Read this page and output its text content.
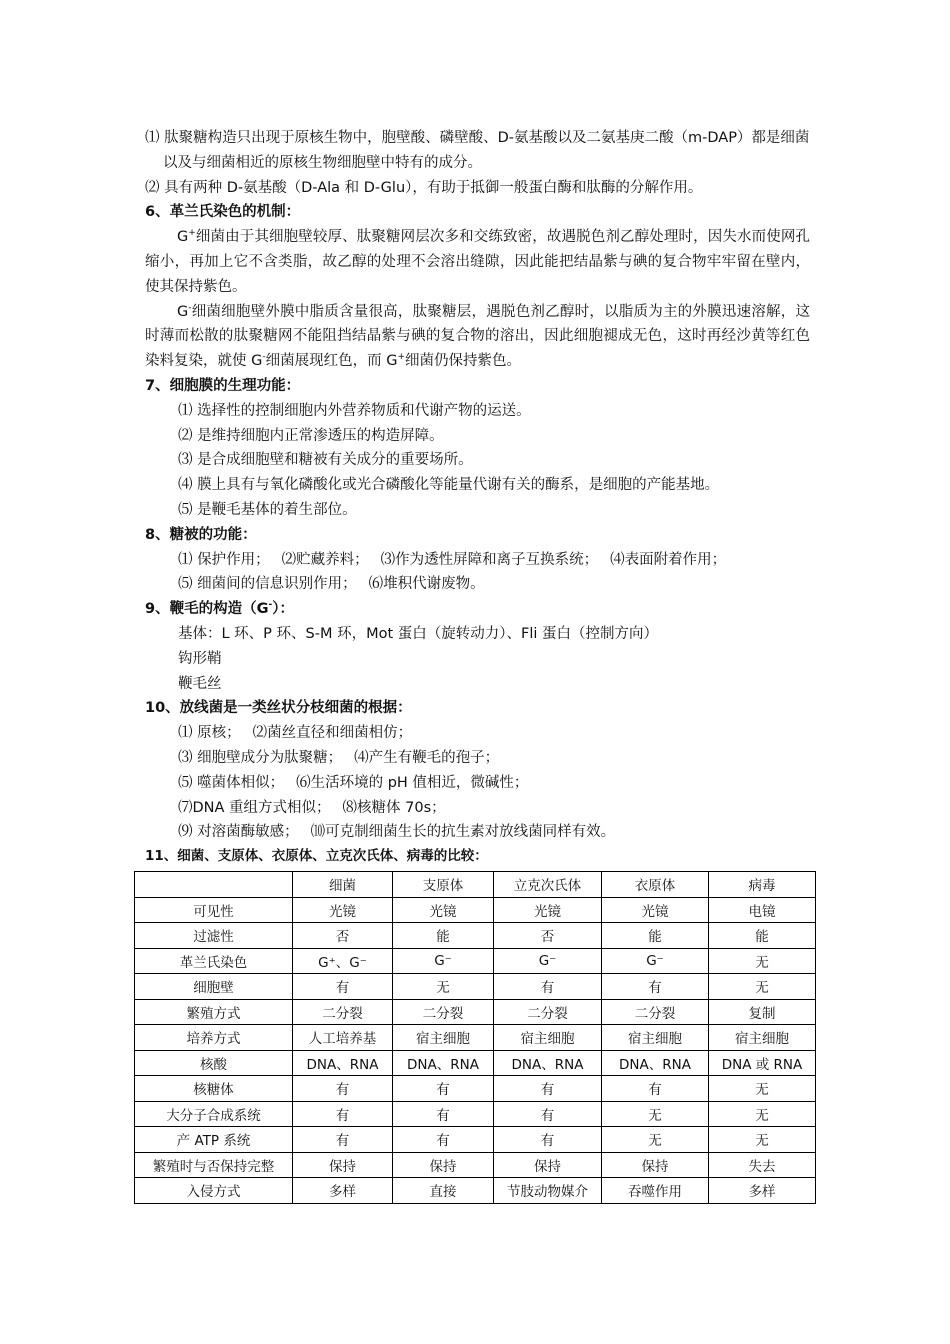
⑴ 肽聚糖构造只出现于原核生物中，胞壁酸、磷壁酸、D-氨基酸以及二氨基庚二酸（m-DAP）都是细菌以及与细菌相近的原核生物细胞壁中特有的成分。
⑵ 具有两种 D-氨基酸（D-Ala 和 D-Glu），有助于抵御一般蛋白酶和肽酶的分解作用。
6、革兰氏染色的机制：
G+细菌由于其细胞壁较厚、肽聚糖网层次多和交练致密，故遇脱色剂乙醇处理时，因失水而使网孔缩小，再加上它不含类脂，故乙醇的处理不会溶出缝隙，因此能把结晶紫与碘的复合物牢牢留在壁内，使其保持紫色。
G-细菌细胞壁外膜中脂质含量很高，肽聚糖层，遇脱色剂乙醇时，以脂质为主的外膜迅速溶解，这时薄而松散的肽聚糖网不能阻挡结晶紫与碘的复合物的溶出，因此细胞褪成无色，这时再经沙黄等红色染料复染，就使 G-细菌展现红色，而 G+细菌仍保持紫色。
7、细胞膜的生理功能：
⑴ 选择性的控制细胞内外营养物质和代谢产物的运送。
⑵ 是维持细胞内正常渗透压的构造屏障。
⑶ 是合成细胞壁和糖被有关成分的重要场所。
⑷ 膜上具有与氧化磷酸化或光合磷酸化等能量代谢有关的酶系，是细胞的产能基地。
⑸ 是鞭毛基体的着生部位。
8、糖被的功能：
⑴ 保护作用； ⑵贮藏养料； ⑶作为透性屏障和离子互换系统； ⑷表面附着作用；
⑸ 细菌间的信息识别作用； ⑹堆积代谢废物。
9、鞭毛的构造（G-）：
基体：L 环、P 环、S-M 环，Mot 蛋白（旋转动力）、Fli 蛋白（控制方向）
钩形鞘
鞭毛丝
10、放线菌是一类丝状分枝细菌的根据：
⑴ 原核； ⑵菌丝直径和细菌相仿；
⑶ 细胞壁成分为肽聚糖； ⑷产生有鞭毛的孢子；
⑸ 噬菌体相似； ⑹生活环境的 pH 值相近，微碱性；
⑺DNA 重组方式相似； ⑻核糖体 70s；
⑼ 对溶菌酶敏感； ⑽可克制细菌生长的抗生素对放线菌同样有效。
11、细菌、支原体、衣原体、立克次氏体、病毒的比较：
	细菌	支原体	立克次氏体	衣原体	病毒
可见性	光镜	光镜	光镜	光镜	电镜
过滤性	否	能	否	能	能
革兰氏染色	G⁺、G⁻	G⁻	G⁻	G⁻	无
细胞壁	有	无	有	有	无
繁殖方式	二分裂	二分裂	二分裂	二分裂	复制
培养方式	人工培养基	宿主细胞	宿主细胞	宿主细胞	宿主细胞
核酸	DNA、RNA	DNA、RNA	DNA、RNA	DNA、RNA	DNA 或 RNA
核糖体	有	有	有	有	无
大分子合成系统	有	有	有	无	无
产 ATP 系统	有	有	有	无	无
繁殖时与否保持完整	保持	保持	保持	保持	失去
入侵方式	多样	直接	节肢动物媒介	吞噬作用	多样
